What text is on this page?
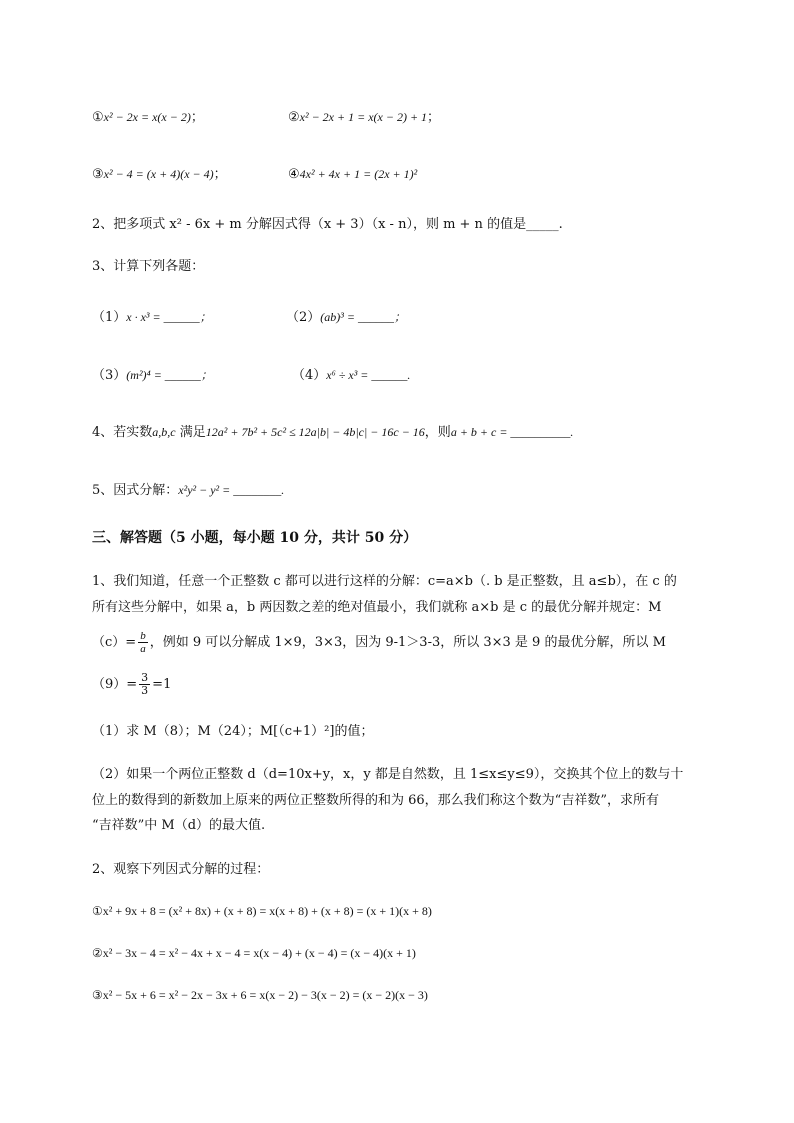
①x² − 2x = x(x − 2)；	②x² − 2x + 1 = x(x − 2) + 1；
③x² − 4 = (x + 4)(x − 4)；	④4x² + 4x + 1 = (2x + 1)²
2、把多项式 x² - 6x + m 分解因式得（x + 3）（x - n），则 m + n 的值是_____.
3、计算下列各题：
（1）x · x³ = ______；	（2）(ab)³ = ______；
（3）(m²)⁴ = ______；	（4）x⁶ ÷ x³ = ______.
4、若实数a,b,c 满足12a² + 7b² + 5c² ≤ 12a|b| − 4b|c| − 16c − 16，则a + b + c = __________.
5、因式分解：x²y² − y² = ________.
三、解答题（5 小题，每小题 10 分，共计 50 分）
1、我们知道，任意一个正整数 c 都可以进行这样的分解：c=a×b（. b 是正整数，且 a≤b），在 c 的
所有这些分解中，如果 a，b 两因数之差的绝对值最小，我们就称 a×b 是 c 的最优分解并规定：M
$(c)= \frac{b}{a}$ ，例如 9 可以分解成 1×9，3×3，因为 9-1＞3-3，所以 3×3 是 9 的最优分解，所以 M
$(9)= \frac{3}{3} =1$
（1）求 M（8）；M（24）；M[（c+1）²]的值；
（2）如果一个两位正整数 d（d=10x+y，x，y 都是自然数，且 1≤x≤y≤9），交换其个位上的数与十
位上的数得到的新数加上原来的两位正整数所得的和为 66，那么我们称这个数为“吉祥数”，求所有
“吉祥数”中 M（d）的最大值.
2、观察下列因式分解的过程：
①x² + 9x + 8 = (x² + 8x) + (x + 8) = x(x + 8) + (x + 8) = (x + 1)(x + 8)
②x² − 3x − 4 = x² − 4x + x − 4 = x(x − 4) + (x − 4) = (x − 4)(x + 1)
③x² − 5x + 6 = x² − 2x − 3x + 6 = x(x − 2) − 3(x − 2) = (x − 2)(x − 3)
